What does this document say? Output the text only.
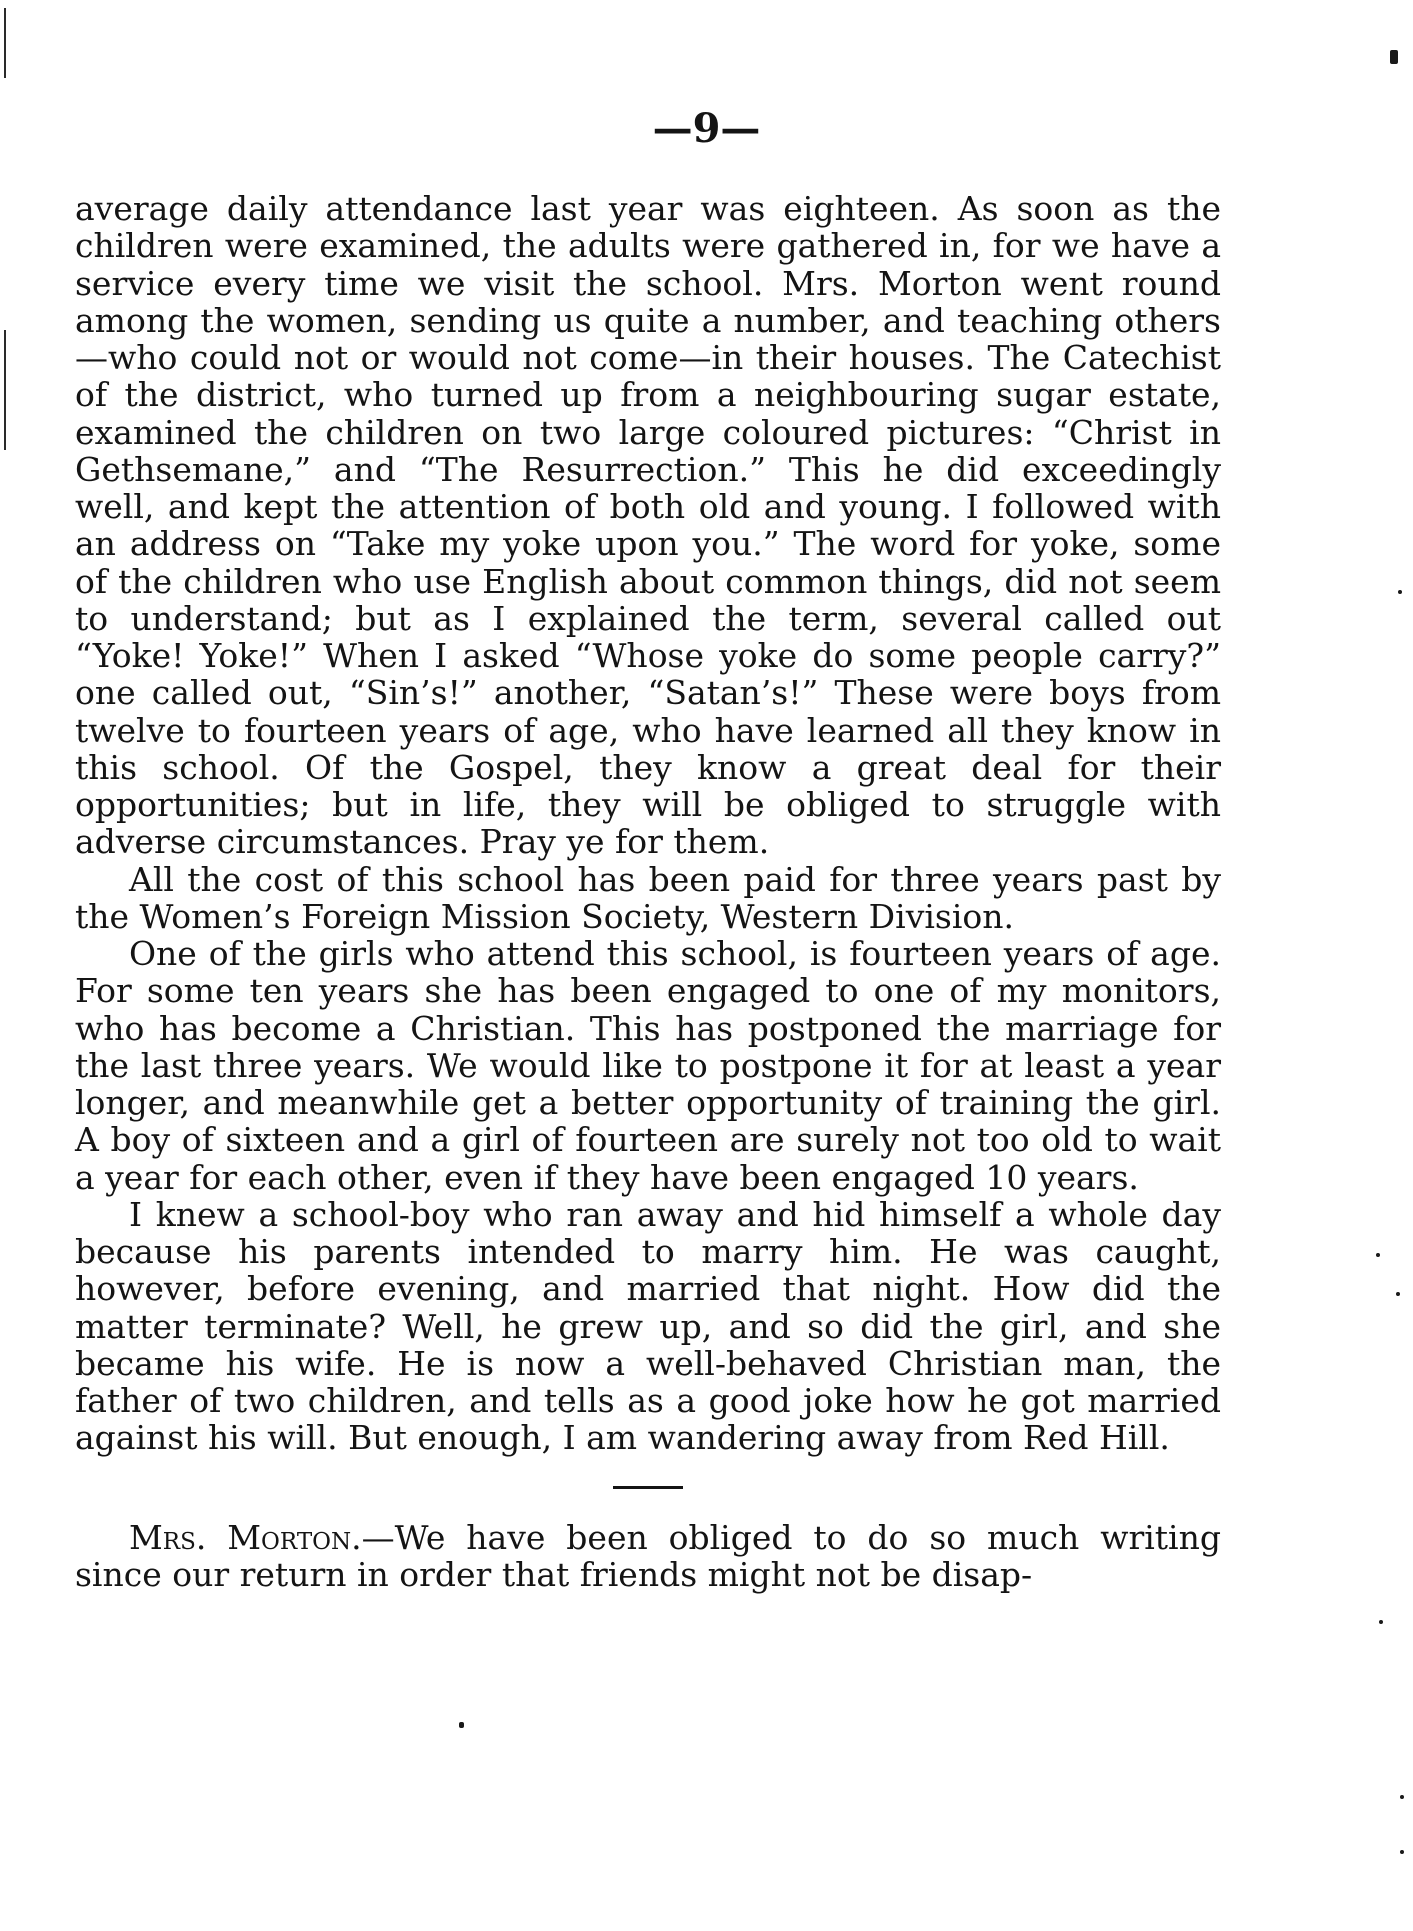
—9—

average daily attendance last year was eighteen. As soon as the children were examined, the adults were gathered in, for we have a service every time we visit the school. Mrs. Morton went round among the women, sending us quite a number, and teaching others—who could not or would not come—in their houses. The Catechist of the district, who turned up from a neighbouring sugar estate, examined the children on two large coloured pictures: “Christ in Gethsemane,” and “The Resurrection.” This he did exceedingly well, and kept the attention of both old and young. I followed with an address on “Take my yoke upon you.” The word for yoke, some of the children who use English about common things, did not seem to understand; but as I explained the term, several called out “Yoke! Yoke!” When I asked “Whose yoke do some people carry?” one called out, “Sin’s!” another, “Satan’s!” These were boys from twelve to fourteen years of age, who have learned all they know in this school. Of the Gospel, they know a great deal for their opportunities; but in life, they will be obliged to struggle with adverse circumstances. Pray ye for them.

All the cost of this school has been paid for three years past by the Women’s Foreign Mission Society, Western Division.

One of the girls who attend this school, is fourteen years of age. For some ten years she has been engaged to one of my monitors, who has become a Christian. This has postponed the marriage for the last three years. We would like to postpone it for at least a year longer, and meanwhile get a better opportunity of training the girl. A boy of sixteen and a girl of fourteen are surely not too old to wait a year for each other, even if they have been engaged 10 years.

I knew a school-boy who ran away and hid himself a whole day because his parents intended to marry him. He was caught, however, before evening, and married that night. How did the matter terminate? Well, he grew up, and so did the girl, and she became his wife. He is now a well-behaved Christian man, the father of two children, and tells as a good joke how he got married against his will. But enough, I am wandering away from Red Hill.

Mrs. Morton.—We have been obliged to do so much writing since our return in order that friends might not be disap-
